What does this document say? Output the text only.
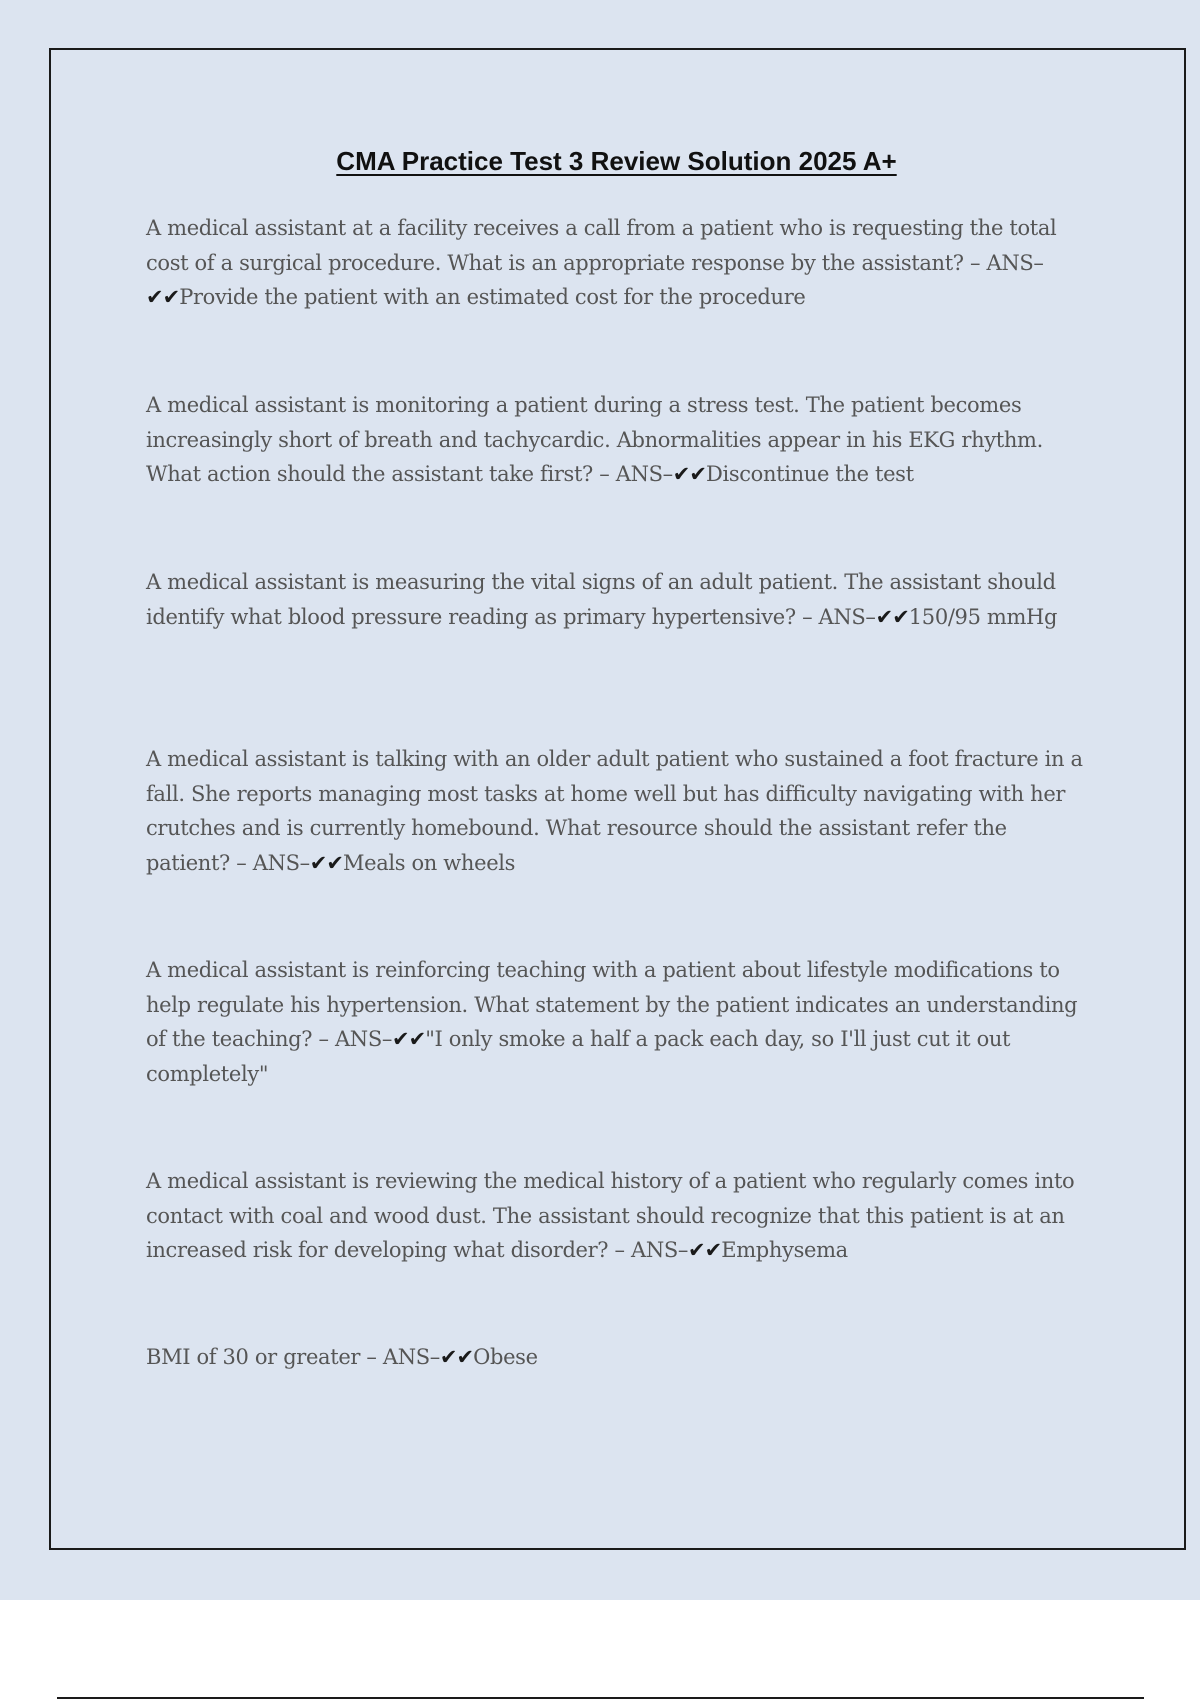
CMA Practice Test 3 Review Solution 2025 A+

A medical assistant at a facility receives a call from a patient who is requesting the total cost of a surgical procedure. What is an appropriate response by the assistant? – ANS–✔✔Provide the patient with an estimated cost for the procedure

A medical assistant is monitoring a patient during a stress test. The patient becomes increasingly short of breath and tachycardic. Abnormalities appear in his EKG rhythm. What action should the assistant take first? – ANS–✔✔Discontinue the test

A medical assistant is measuring the vital signs of an adult patient. The assistant should identify what blood pressure reading as primary hypertensive? – ANS–✔✔150/95 mmHg

A medical assistant is talking with an older adult patient who sustained a foot fracture in a fall. She reports managing most tasks at home well but has difficulty navigating with her crutches and is currently homebound. What resource should the assistant refer the patient? – ANS–✔✔Meals on wheels

A medical assistant is reinforcing teaching with a patient about lifestyle modifications to help regulate his hypertension. What statement by the patient indicates an understanding of the teaching? – ANS–✔✔"I only smoke a half a pack each day, so I'll just cut it out completely"

A medical assistant is reviewing the medical history of a patient who regularly comes into contact with coal and wood dust. The assistant should recognize that this patient is at an increased risk for developing what disorder? – ANS–✔✔Emphysema

BMI of 30 or greater – ANS–✔✔Obese
